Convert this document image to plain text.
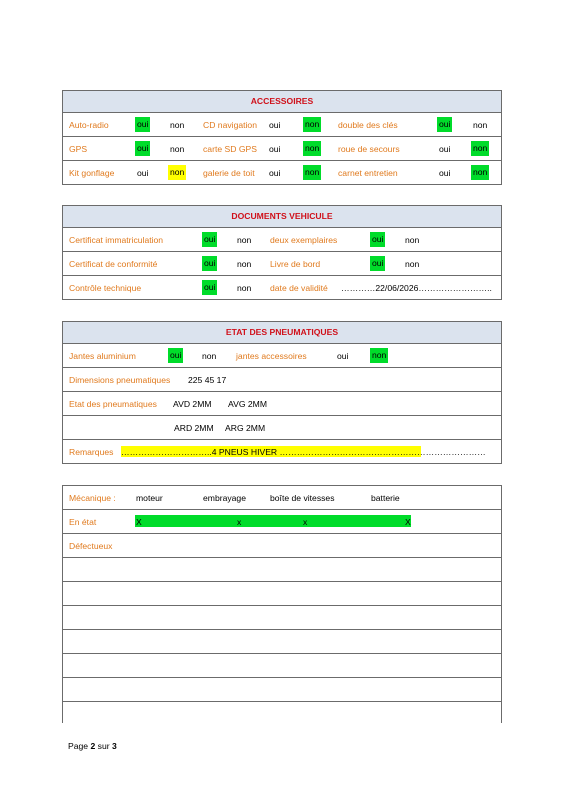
ACCESSOIRES
Auto-radio	oui	non CD navigation oui	non double des clés	oui	non
GPS	oui	non carte SD GPS oui	non roue de secours	oui	non
Kit gonflage	oui	non galerie de toit oui	non carnet entretien	oui	non
DOCUMENTS VEHICULE
Certificat immatriculation	oui	non deux exemplaires	oui	non
Certificat de conformité	oui	non Livre de bord	oui	non
Contrôle technique	oui	non date de validité …………22/06/2026……………………..
ETAT DES PNEUMATIQUES
Jantes aluminium	oui non jantes accessoires	oui	non
Dimensions pneumatiques 225 45 17
Etat des pneumatiques AVD 2MM AVG 2MM
ARD 2MM ARG 2MM
Remarques …………………………..4 PNEUS HIVER ………………………………………………………………
Mécanique : moteur	embrayage	boîte de vitesses	batterie
En état	X	x	x	X
Défectueux
Page 2 sur 3
